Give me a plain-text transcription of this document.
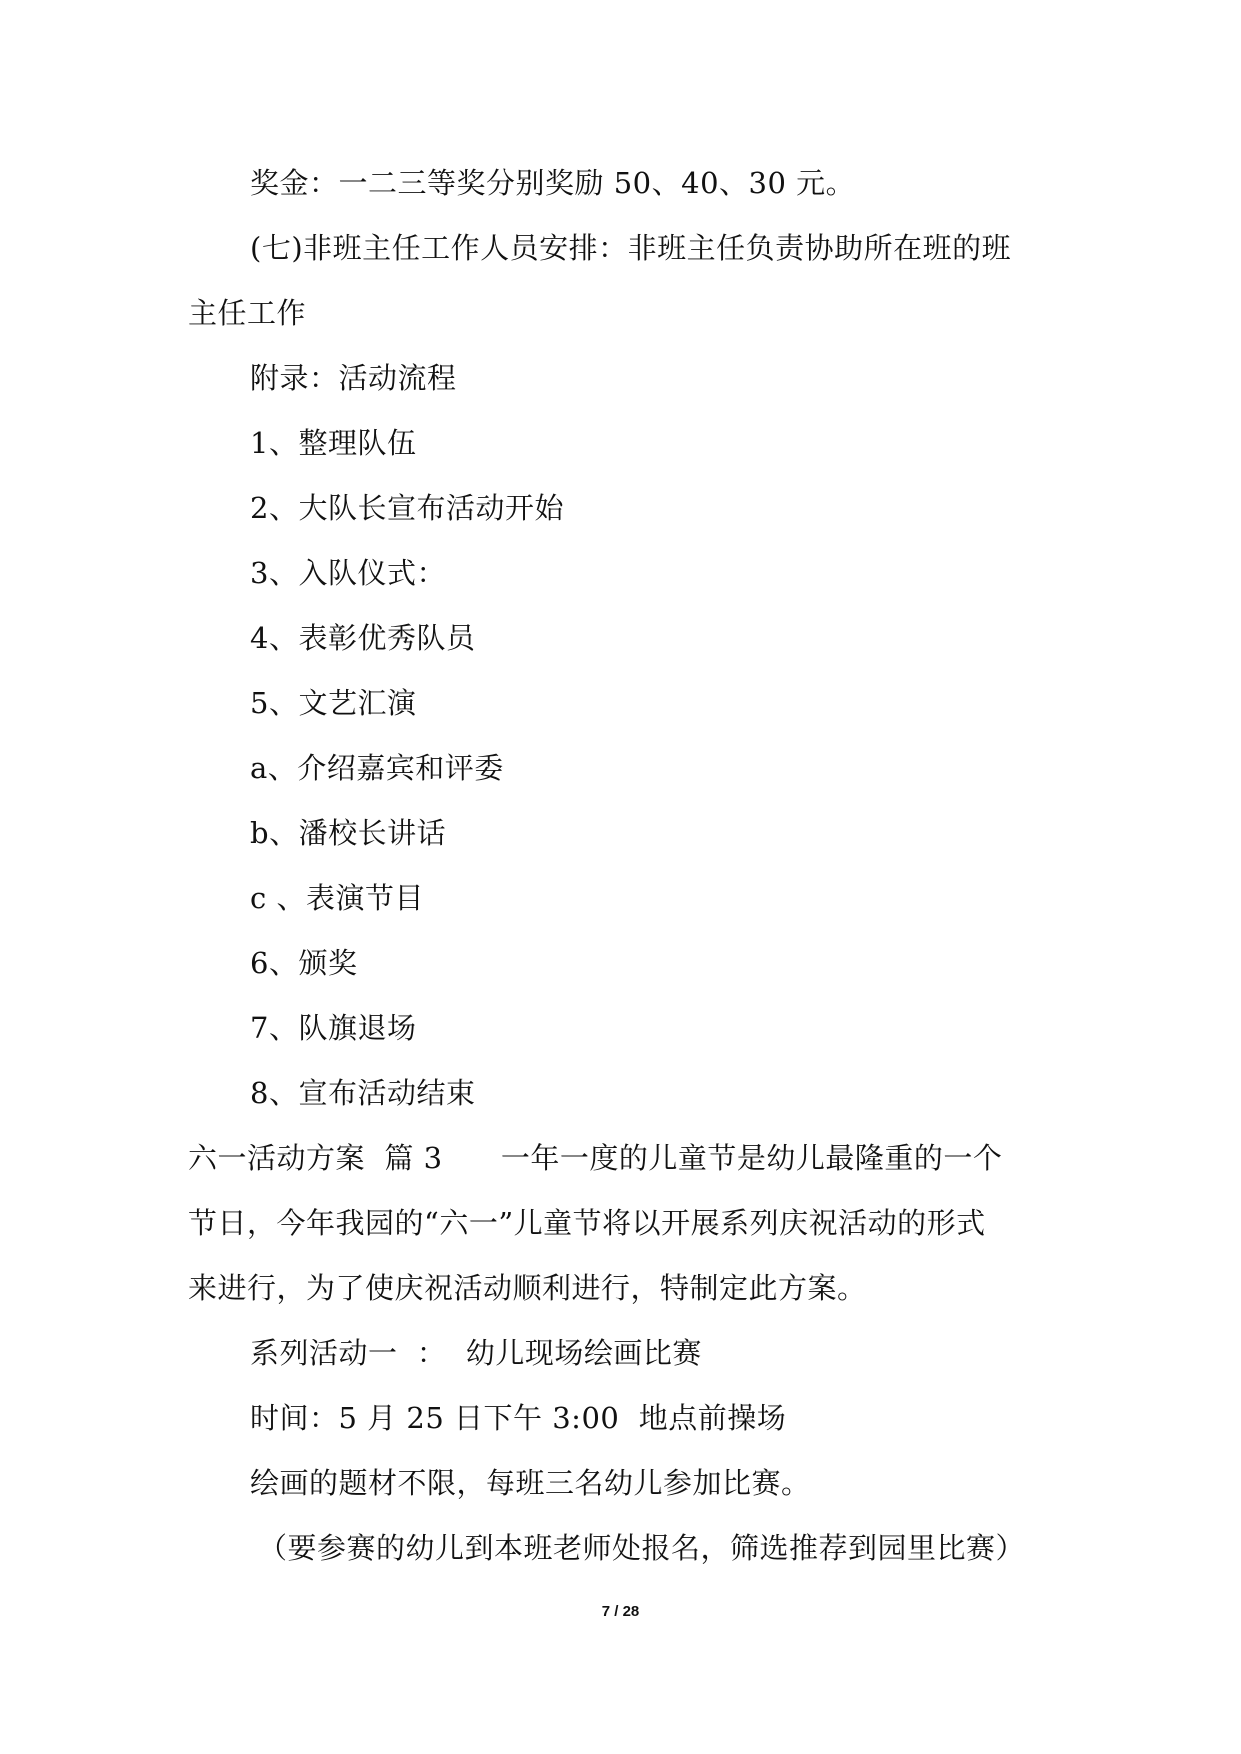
奖金：一二三等奖分别奖励 50、40、30 元。
(七)非班主任工作人员安排：非班主任负责协助所在班的班
主任工作
附录：活动流程
1、整理队伍
2、大队长宣布活动开始
3、入队仪式：
4、表彰优秀队员
5、文艺汇演
a、介绍嘉宾和评委
b、潘校长讲话
c 、表演节目
6、颁奖
7、队旗退场
8、宣布活动结束
六一活动方案  篇 3      一年一度的儿童节是幼儿最隆重的一个
节日，今年我园的“六一”儿童节将以开展系列庆祝活动的形式
来进行，为了使庆祝活动顺利进行，特制定此方案。
系列活动一  ：  幼儿现场绘画比赛
时间：5 月 25 日下午 3:00  地点前操场
绘画的题材不限，每班三名幼儿参加比赛。
（要参赛的幼儿到本班老师处报名，筛选推荐到园里比赛）
7 / 28
